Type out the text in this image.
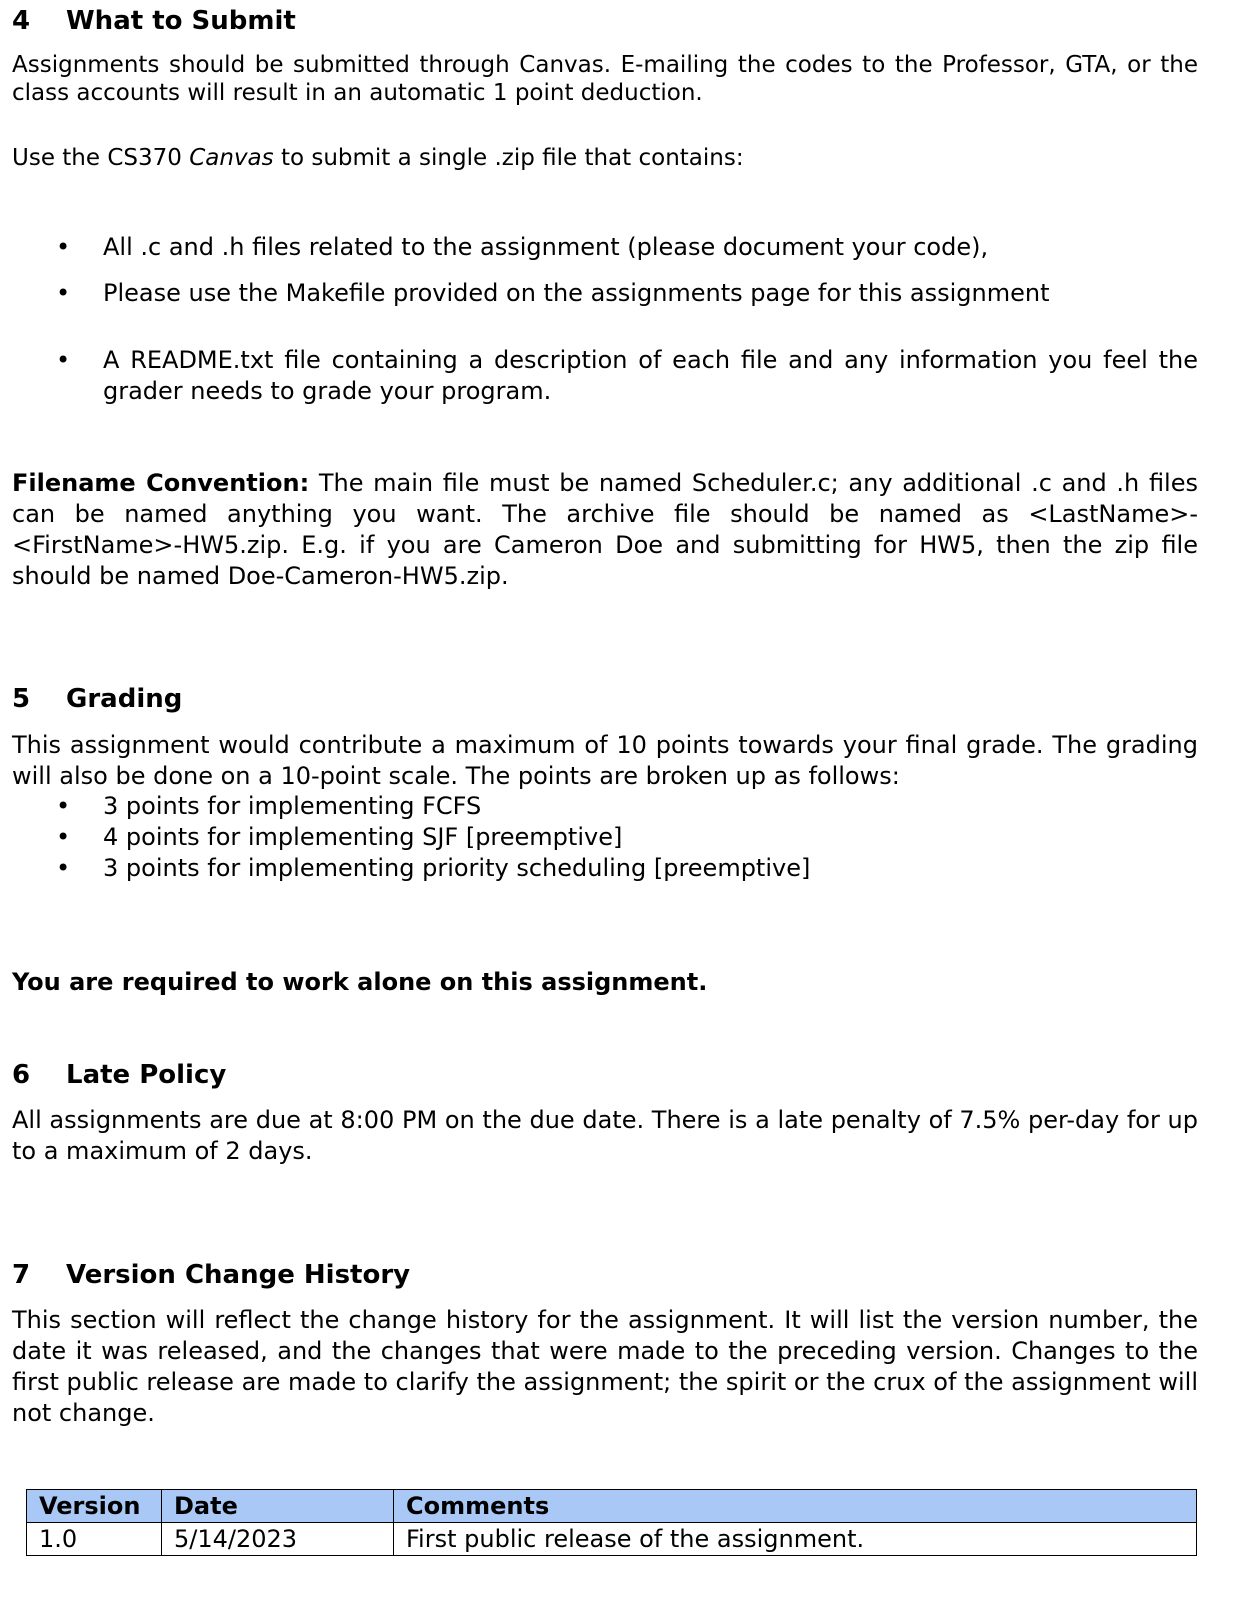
4 What to Submit
Assignments should be submitted through Canvas. E-mailing the codes to the Professor, GTA, or the class accounts will result in an automatic 1 point deduction.
Use the CS370 Canvas to submit a single .zip file that contains:
• All .c and .h files related to the assignment (please document your code),
• Please use the Makefile provided on the assignments page for this assignment
• A README.txt file containing a description of each file and any information you feel the grader needs to grade your program.
Filename Convention: The main file must be named Scheduler.c; any additional .c and .h files can be named anything you want. The archive file should be named as <LastName>-<FirstName>-HW5.zip. E.g. if you are Cameron Doe and submitting for HW5, then the zip file should be named Doe-Cameron-HW5.zip.
5 Grading
This assignment would contribute a maximum of 10 points towards your final grade. The grading will also be done on a 10-point scale. The points are broken up as follows:
• 3 points for implementing FCFS
• 4 points for implementing SJF [preemptive]
• 3 points for implementing priority scheduling [preemptive]
You are required to work alone on this assignment.
6 Late Policy
All assignments are due at 8:00 PM on the due date. There is a late penalty of 7.5% per-day for up to a maximum of 2 days.
7 Version Change History
This section will reflect the change history for the assignment. It will list the version number, the date it was released, and the changes that were made to the preceding version. Changes to the first public release are made to clarify the assignment; the spirit or the crux of the assignment will not change.
Version	Date	Comments
1.0	5/14/2023	First public release of the assignment.
